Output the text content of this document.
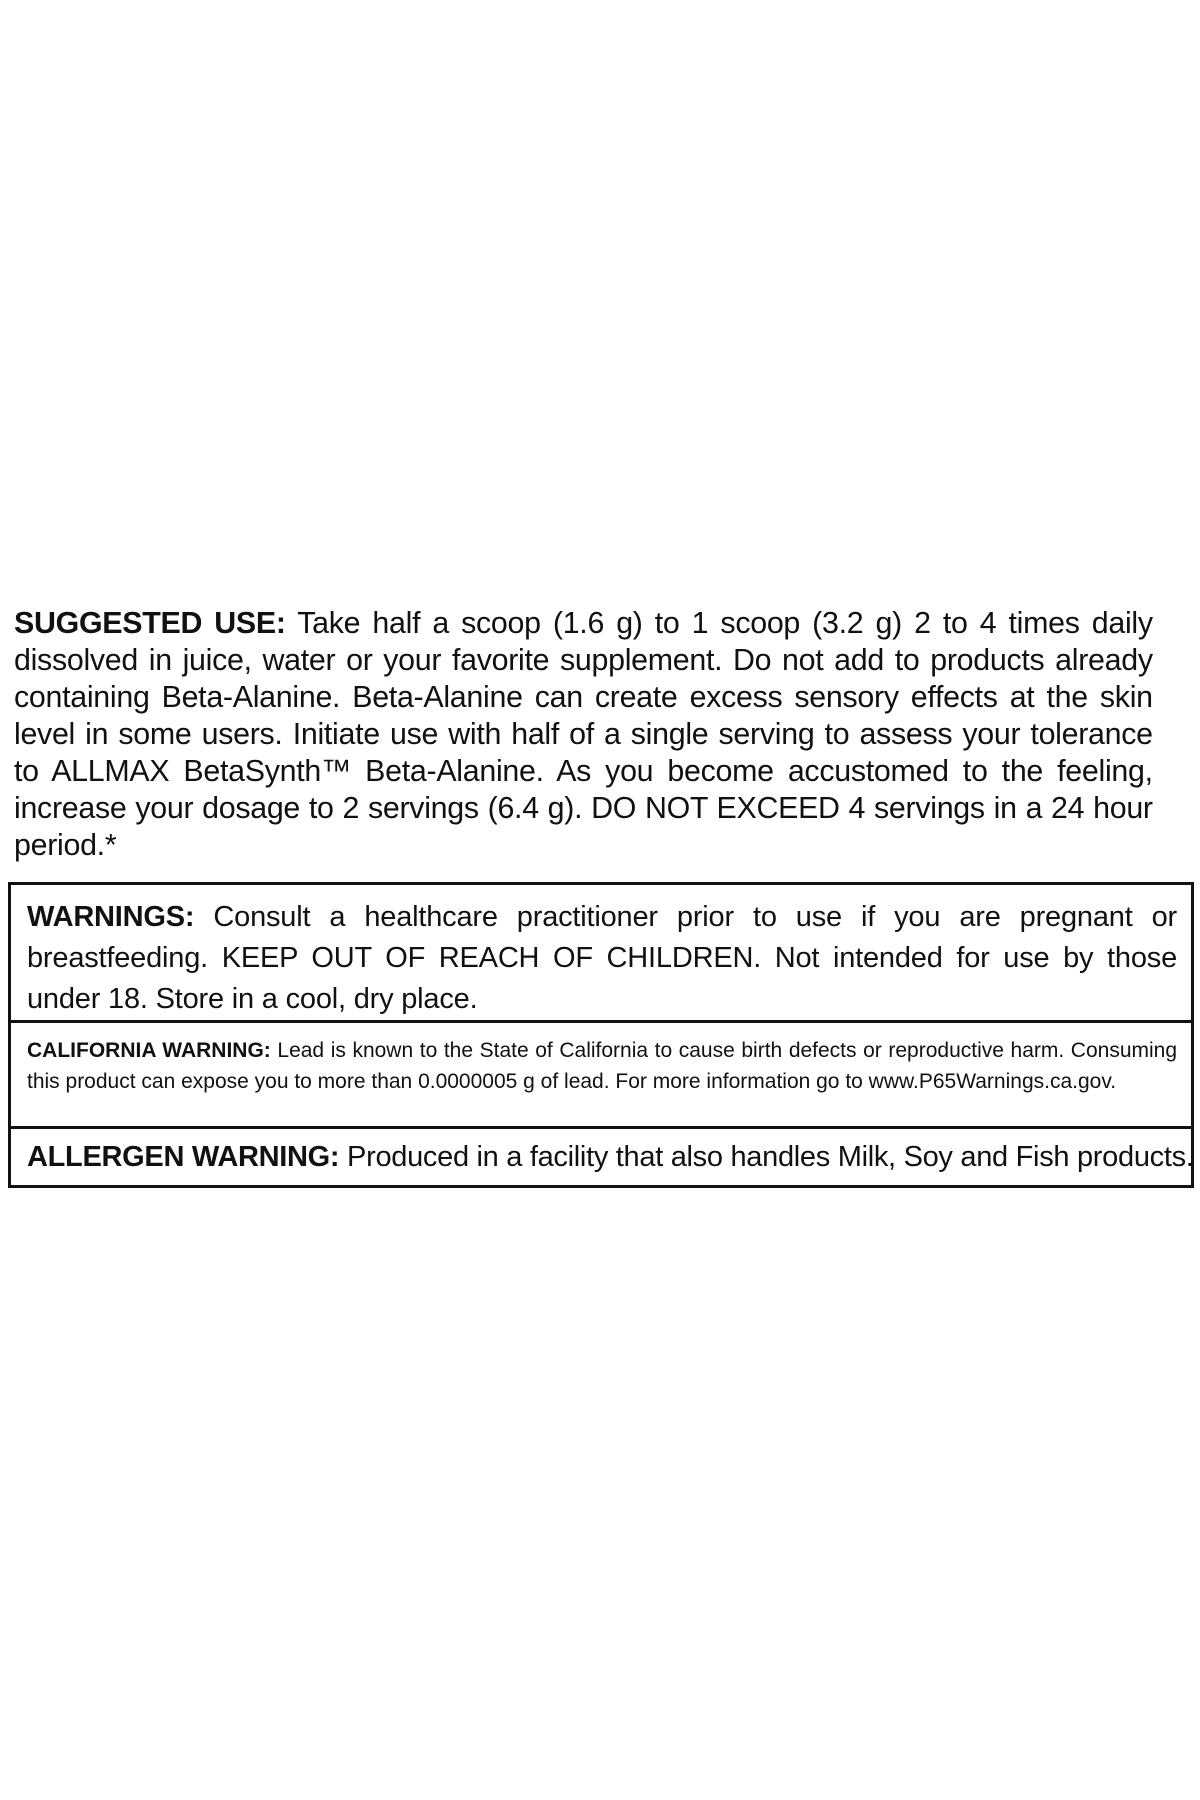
SUGGESTED USE: Take half a scoop (1.6 g) to 1 scoop (3.2 g) 2 to 4 times daily dissolved in juice, water or your favorite supplement. Do not add to products already containing Beta-Alanine. Beta-Alanine can create excess sensory effects at the skin level in some users. Initiate use with half of a single serving to assess your tolerance to ALLMAX BetaSynth™ Beta-Alanine. As you become accustomed to the feeling, increase your dosage to 2 servings (6.4 g). DO NOT EXCEED 4 servings in a 24 hour period.*

WARNINGS: Consult a healthcare practitioner prior to use if you are pregnant or breastfeeding. KEEP OUT OF REACH OF CHILDREN. Not intended for use by those under 18. Store in a cool, dry place.

CALIFORNIA WARNING: Lead is known to the State of California to cause birth defects or reproductive harm. Consuming this product can expose you to more than 0.0000005 g of lead. For more information go to www.P65Warnings.ca.gov.

ALLERGEN WARNING: Produced in a facility that also handles Milk, Soy and Fish products.
